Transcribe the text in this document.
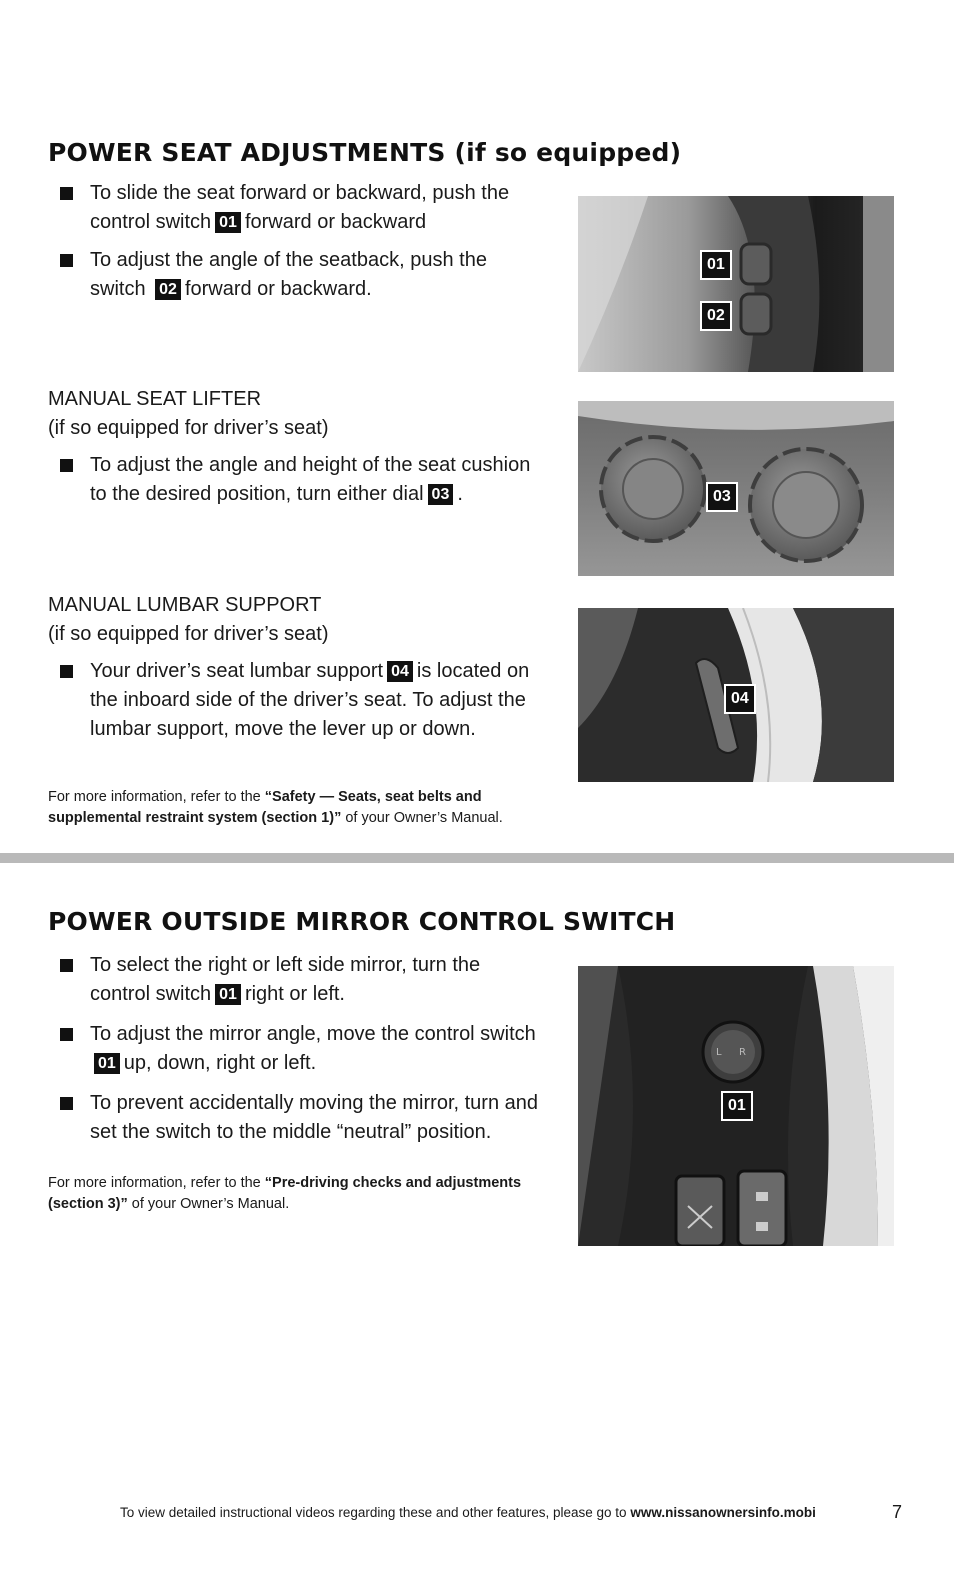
POWER SEAT ADJUSTMENTS (if so equipped)
To slide the seat forward or backward, push the control switch 01 forward or backward
To adjust the angle of the seatback, push the switch 02 forward or backward.
01
02
MANUAL SEAT LIFTER
(if so equipped for driver’s seat)
To adjust the angle and height of the seat cushion to the desired position, turn either dial 03 .	03
MANUAL LUMBAR SUPPORT
(if so equipped for driver’s seat)
Your driver’s seat lumbar support 04 is located on the inboard side of the driver’s seat. To adjust the lumbar support, move the lever up or down.
04
For more information, refer to the “Safety — Seats, seat belts and supplemental restraint system (section 1)” of your Owner’s Manual.
POWER OUTSIDE MIRROR CONTROL SWITCH
To select the right or left side mirror, turn the control switch 01 right or left.
To adjust the mirror angle, move the control switch 01 up, down, right or left.
To prevent accidentally moving the mirror, turn and set the switch to the middle “neutral” position.
L R
01
For more information, refer to the “Pre-driving checks and adjustments (section 3)” of your Owner’s Manual.
To view detailed instructional videos regarding these and other features, please go to www.nissanownersinfo.mobi	7
